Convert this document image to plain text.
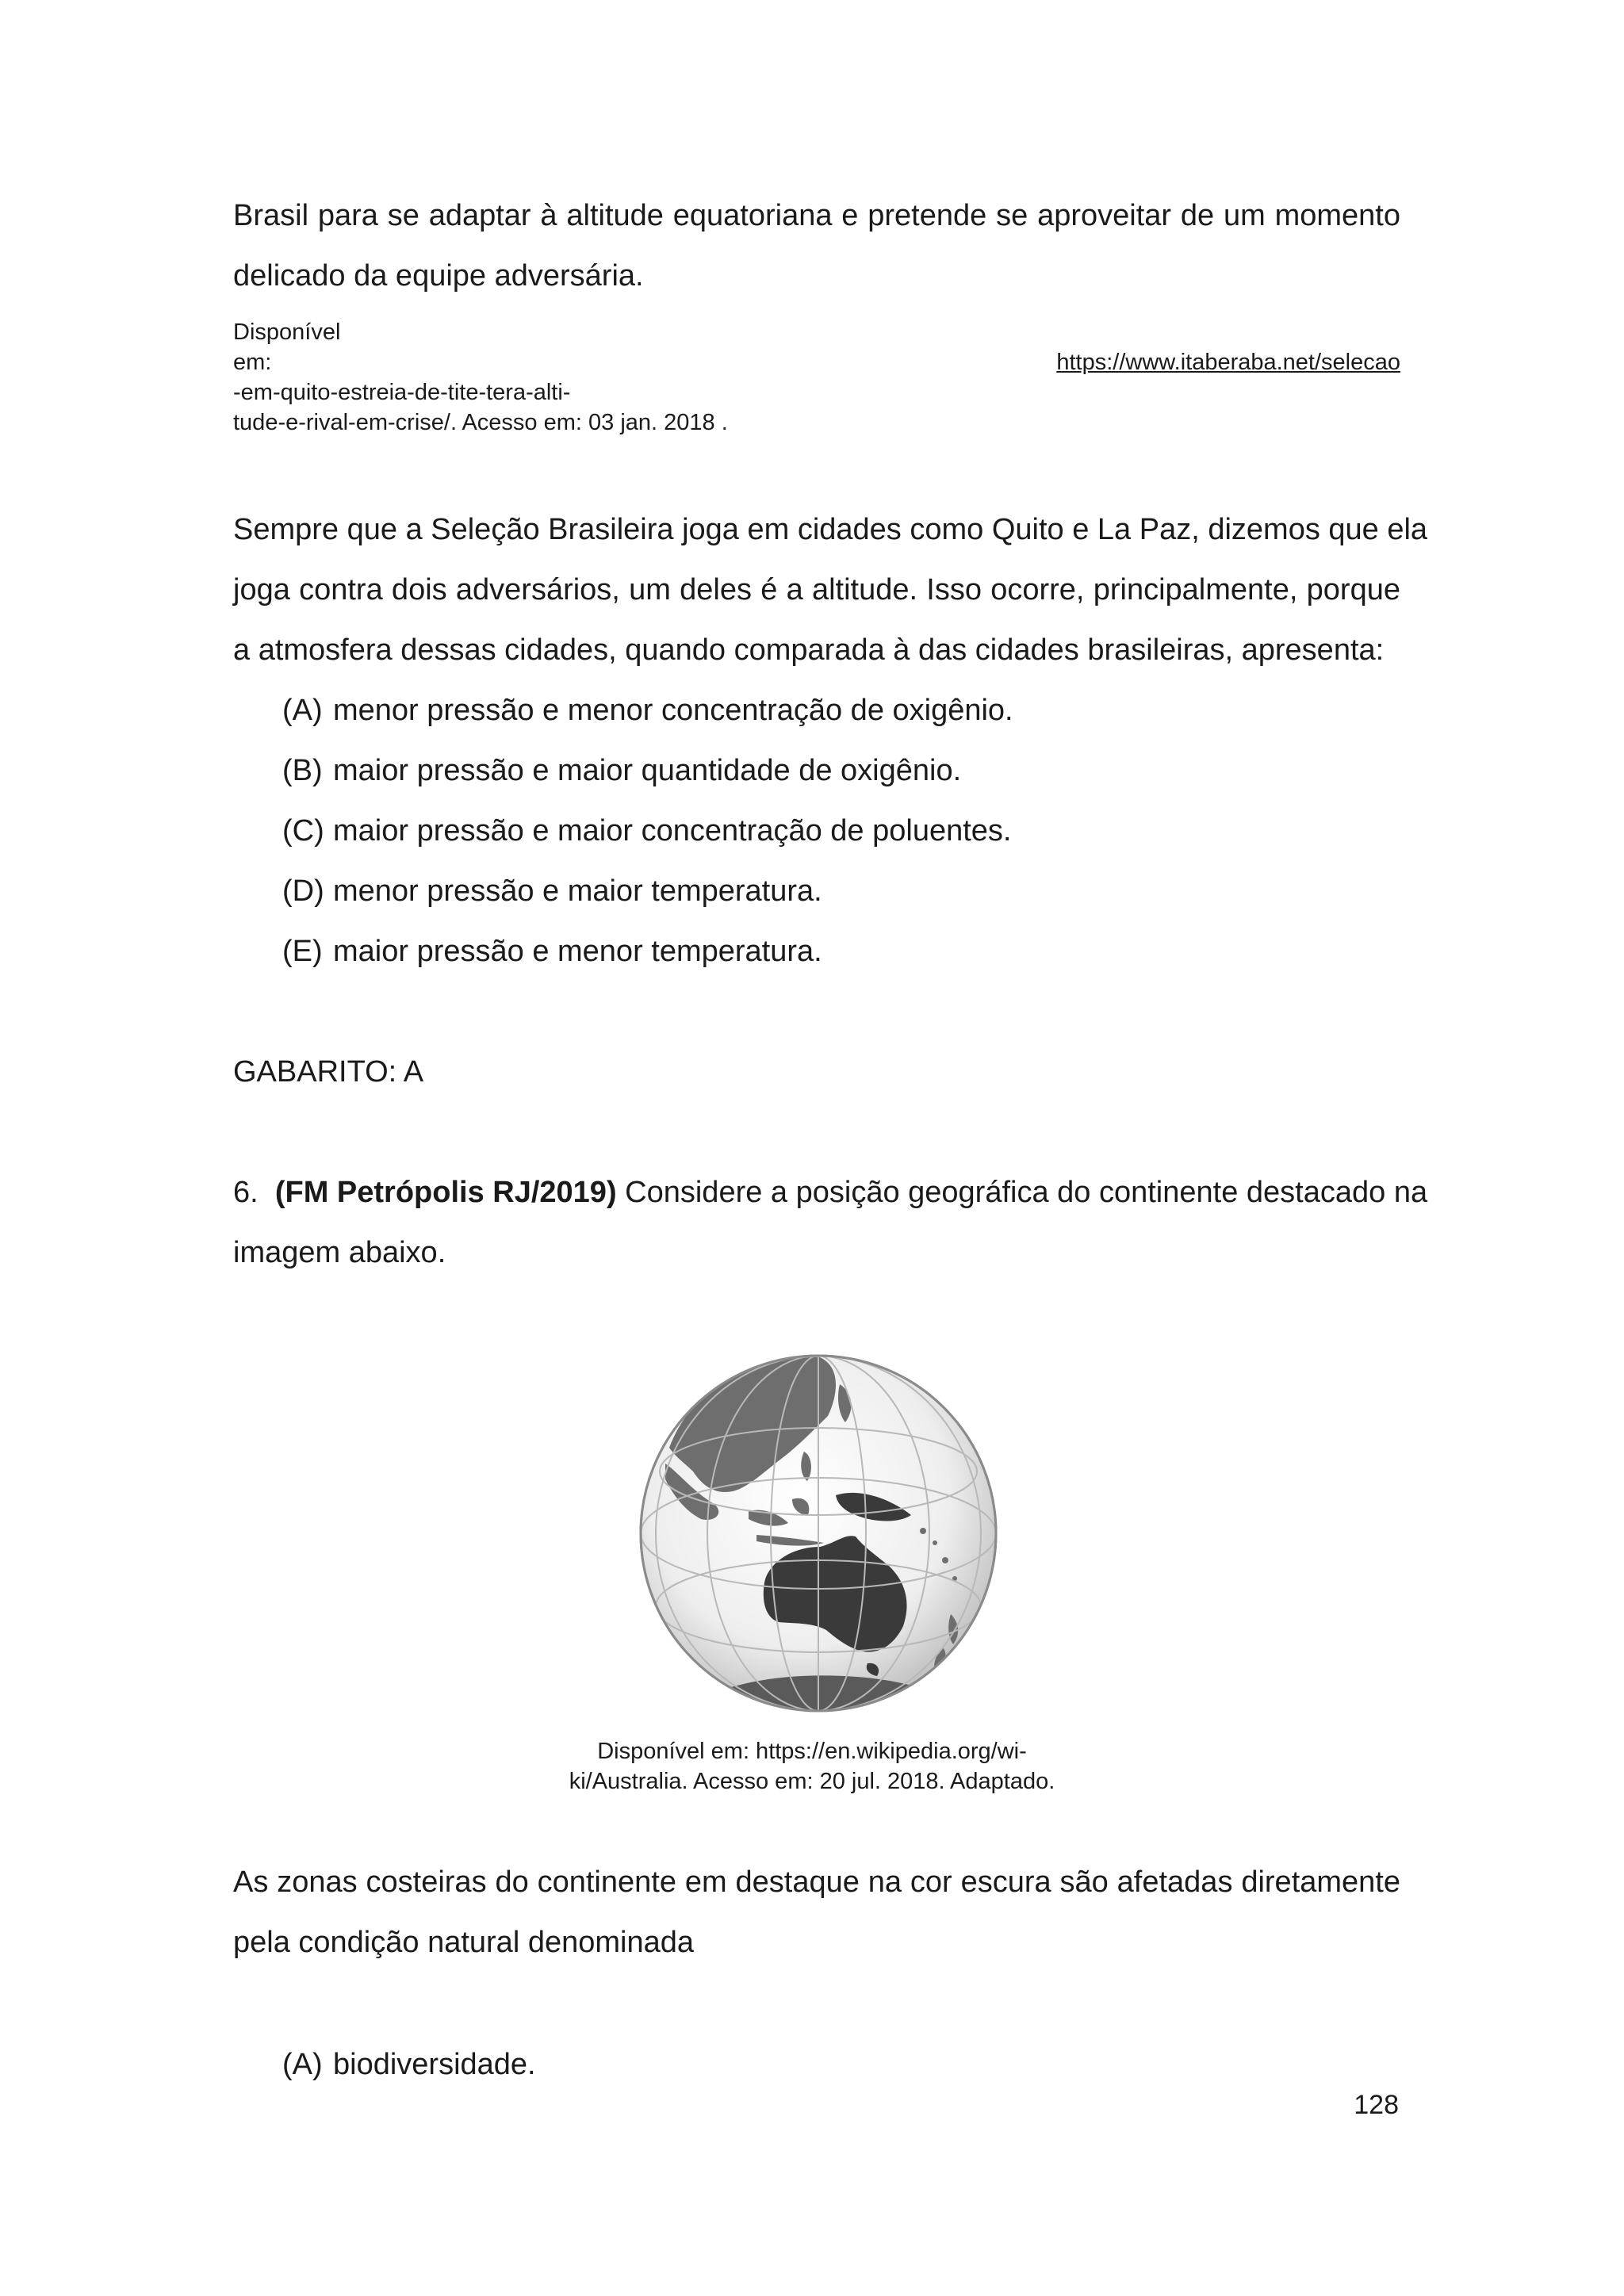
Brasil para se adaptar à altitude equatoriana e pretende se aproveitar de um momento
delicado da equipe adversária.
Disponível
em:	https://www.itaberaba.net/selecao
-em-quito-estreia-de-tite-tera-alti-
tude-e-rival-em-crise/. Acesso em: 03 jan. 2018 .
Sempre que a Seleção Brasileira joga em cidades como Quito e La Paz, dizemos que ela
joga contra dois adversários, um deles é a altitude. Isso ocorre, principalmente, porque
a atmosfera dessas cidades, quando comparada à das cidades brasileiras, apresenta:
(A) menor pressão e menor concentração de oxigênio.
(B) maior pressão e maior quantidade de oxigênio.
(C) maior pressão e maior concentração de poluentes.
(D) menor pressão e maior temperatura.
(E) maior pressão e menor temperatura.
GABARITO: A
6. (FM Petrópolis RJ/2019) Considere a posição geográfica do continente destacado na
imagem abaixo.
Disponível em: https://en.wikipedia.org/wi-
ki/Australia. Acesso em: 20 jul. 2018. Adaptado.
As zonas costeiras do continente em destaque na cor escura são afetadas diretamente
pela condição natural denominada
(A) biodiversidade.
128
